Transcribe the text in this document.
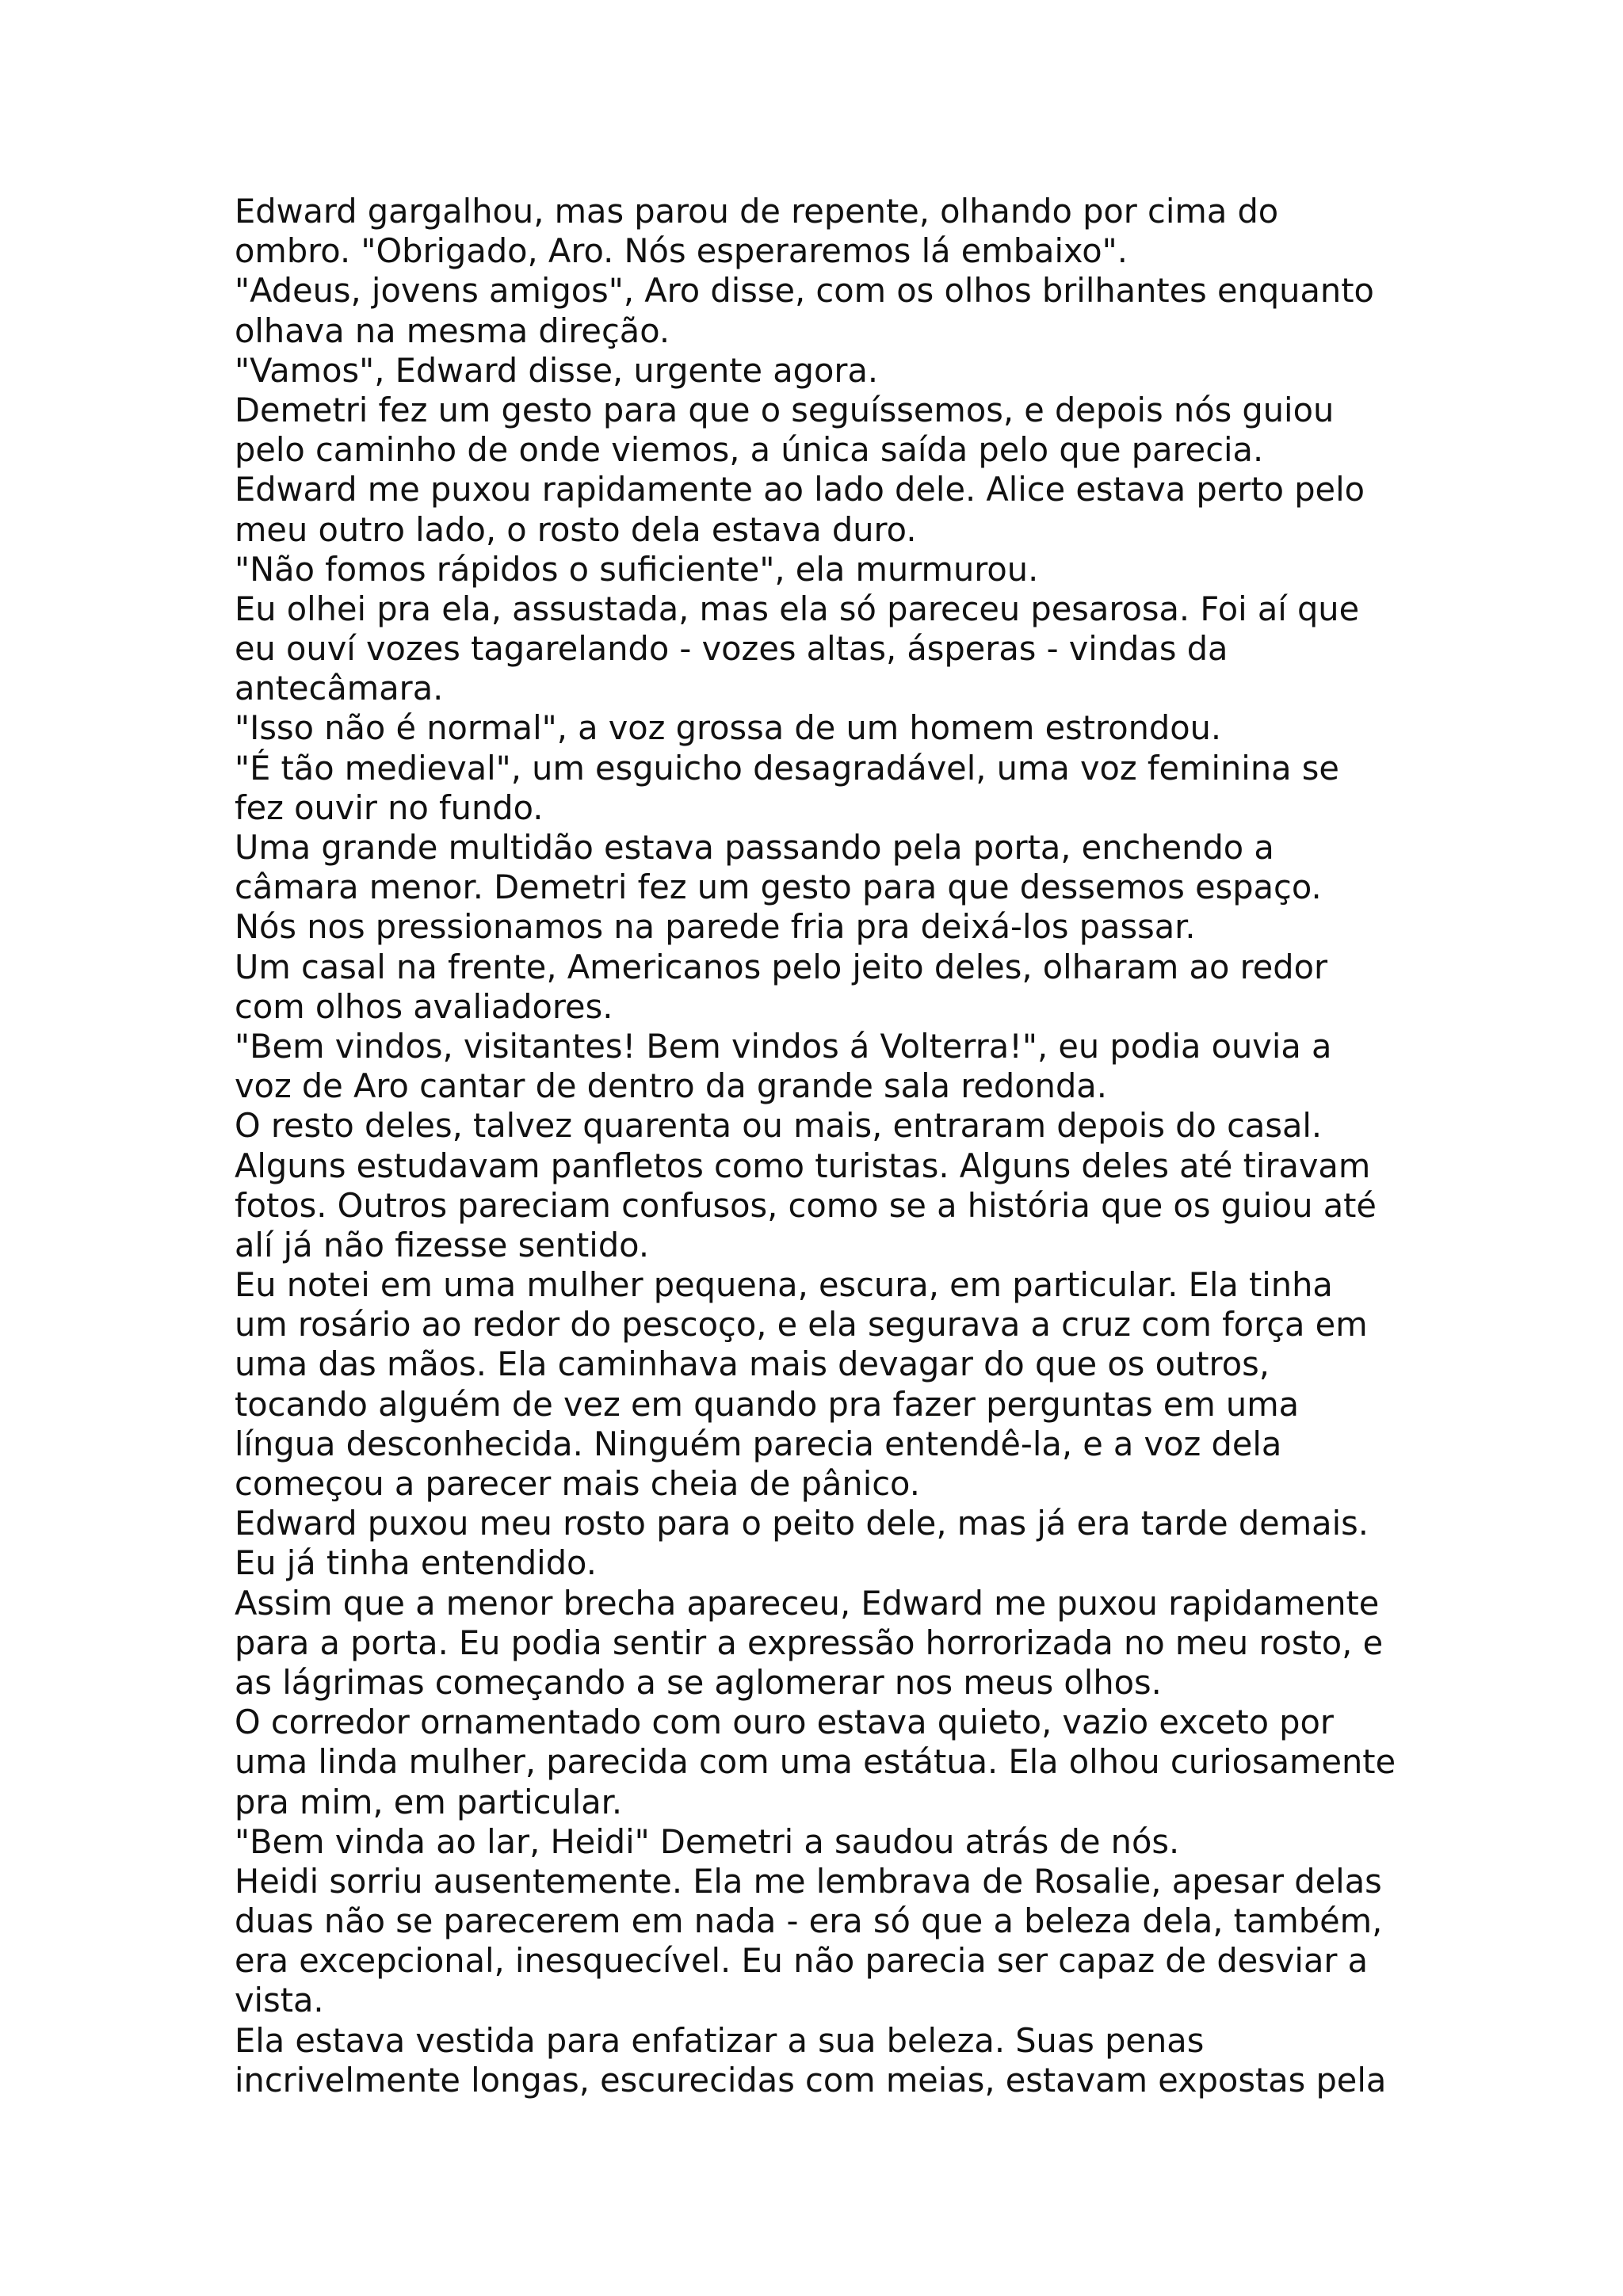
Edward gargalhou, mas parou de repente, olhando por cima do
ombro. "Obrigado, Aro. Nós esperaremos lá embaixo".
"Adeus, jovens amigos", Aro disse, com os olhos brilhantes enquanto
olhava na mesma direção.
"Vamos", Edward disse, urgente agora.
Demetri fez um gesto para que o seguíssemos, e depois nós guiou
pelo caminho de onde viemos, a única saída pelo que parecia.
Edward me puxou rapidamente ao lado dele. Alice estava perto pelo
meu outro lado, o rosto dela estava duro.
"Não fomos rápidos o suficiente", ela murmurou.
Eu olhei pra ela, assustada, mas ela só pareceu pesarosa. Foi aí que
eu ouví vozes tagarelando - vozes altas, ásperas - vindas da
antecâmara.
"Isso não é normal", a voz grossa de um homem estrondou.
"É tão medieval", um esguicho desagradável, uma voz feminina se
fez ouvir no fundo.
Uma grande multidão estava passando pela porta, enchendo a
câmara menor. Demetri fez um gesto para que dessemos espaço.
Nós nos pressionamos na parede fria pra deixá-los passar.
Um casal na frente, Americanos pelo jeito deles, olharam ao redor
com olhos avaliadores.
"Bem vindos, visitantes! Bem vindos á Volterra!", eu podia ouvia a
voz de Aro cantar de dentro da grande sala redonda.
O resto deles, talvez quarenta ou mais, entraram depois do casal.
Alguns estudavam panfletos como turistas. Alguns deles até tiravam
fotos. Outros pareciam confusos, como se a história que os guiou até
alí já não fizesse sentido.
Eu notei em uma mulher pequena, escura, em particular. Ela tinha
um rosário ao redor do pescoço, e ela segurava a cruz com força em
uma das mãos. Ela caminhava mais devagar do que os outros,
tocando alguém de vez em quando pra fazer perguntas em uma
língua desconhecida. Ninguém parecia entendê-la, e a voz dela
começou a parecer mais cheia de pânico.
Edward puxou meu rosto para o peito dele, mas já era tarde demais.
Eu já tinha entendido.
Assim que a menor brecha apareceu, Edward me puxou rapidamente
para a porta. Eu podia sentir a expressão horrorizada no meu rosto, e
as lágrimas começando a se aglomerar nos meus olhos.
O corredor ornamentado com ouro estava quieto, vazio exceto por
uma linda mulher, parecida com uma estátua. Ela olhou curiosamente
pra mim, em particular.
"Bem vinda ao lar, Heidi" Demetri a saudou atrás de nós.
Heidi sorriu ausentemente. Ela me lembrava de Rosalie, apesar delas
duas não se parecerem em nada - era só que a beleza dela, também,
era excepcional, inesquecível. Eu não parecia ser capaz de desviar a
vista.
Ela estava vestida para enfatizar a sua beleza. Suas penas
incrivelmente longas, escurecidas com meias, estavam expostas pela
